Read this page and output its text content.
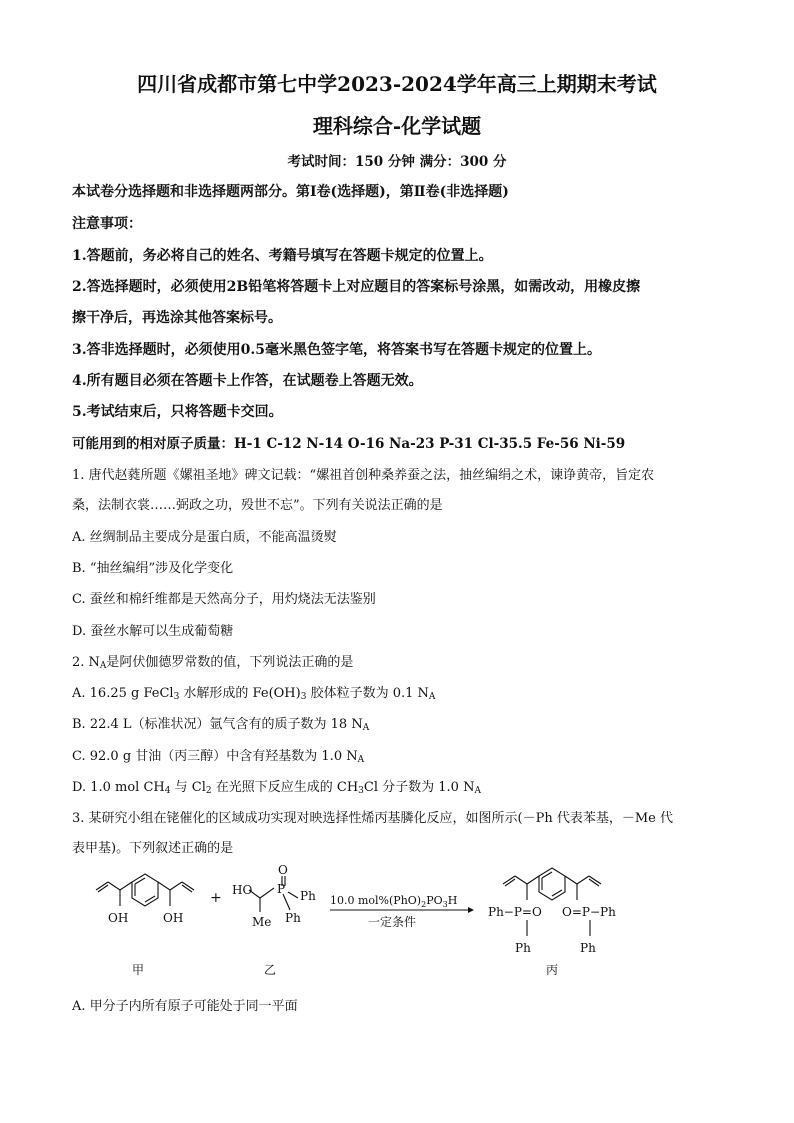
四川省成都市第七中学2023-2024学年高三上期期末考试
理科综合-化学试题
考试时间：150 分钟 满分：300 分
本试卷分选择题和非选择题两部分。第Ⅰ卷(选择题)，第Ⅱ卷(非选择题)
注意事项：
1.答题前，务必将自己的姓名、考籍号填写在答题卡规定的位置上。
2.答选择题时，必须使用2B铅笔将答题卡上对应题目的答案标号涂黑，如需改动，用橡皮擦
擦干净后，再选涂其他答案标号。
3.答非选择题时，必须使用0.5毫米黑色签字笔，将答案书写在答题卡规定的位置上。
4.所有题目必须在答题卡上作答，在试题卷上答题无效。
5.考试结束后，只将答题卡交回。
可能用到的相对原子质量：H-1 C-12 N-14 O-16 Na-23 P-31 Cl-35.5 Fe-56 Ni-59
1. 唐代赵蕤所题《嫘祖圣地》碑文记载：“嫘祖首创种桑养蚕之法，抽丝编绢之术，谏诤黄帝，旨定农
桑，法制衣裳……弼政之功，殁世不忘”。下列有关说法正确的是
A. 丝绸制品主要成分是蛋白质，不能高温烫熨
B. “抽丝编绢”涉及化学变化
C. 蚕丝和棉纤维都是天然高分子，用灼烧法无法鉴别
D. 蚕丝水解可以生成葡萄糖
2. $N_A$是阿伏伽德罗常数的值，下列说法正确的是
A. 16.25 g FeCl$_3$ 水解形成的 $Fe(OH)_3$ 胶体粒子数为 0.1 $N_A$
B. 22.4 L（标准状况）氩气含有的质子数为 18 $N_A$
C. 92.0 g 甘油（丙三醇）中含有羟基数为 1.0 $N_A$
D. 1.0 mol $CH_4$ 与 $Cl_2$ 在光照下反应生成的 $CH_3Cl$ 分子数为 1.0 $N_A$
3. 某研究小组在铑催化的区域成功实现对映选择性烯丙基膦化反应，如图所示(－Ph 代表苯基，－Me 代
表甲基)。下列叙述正确的是
OH	OH
甲
+ HO
O
P Ph
Ph
Me
乙
10.0 $mol\%(PhO)_2PO_3H$
一定条件
Ph−P=O O=P−Ph
Ph	Ph
丙
A. 甲分子内所有原子可能处于同一平面
